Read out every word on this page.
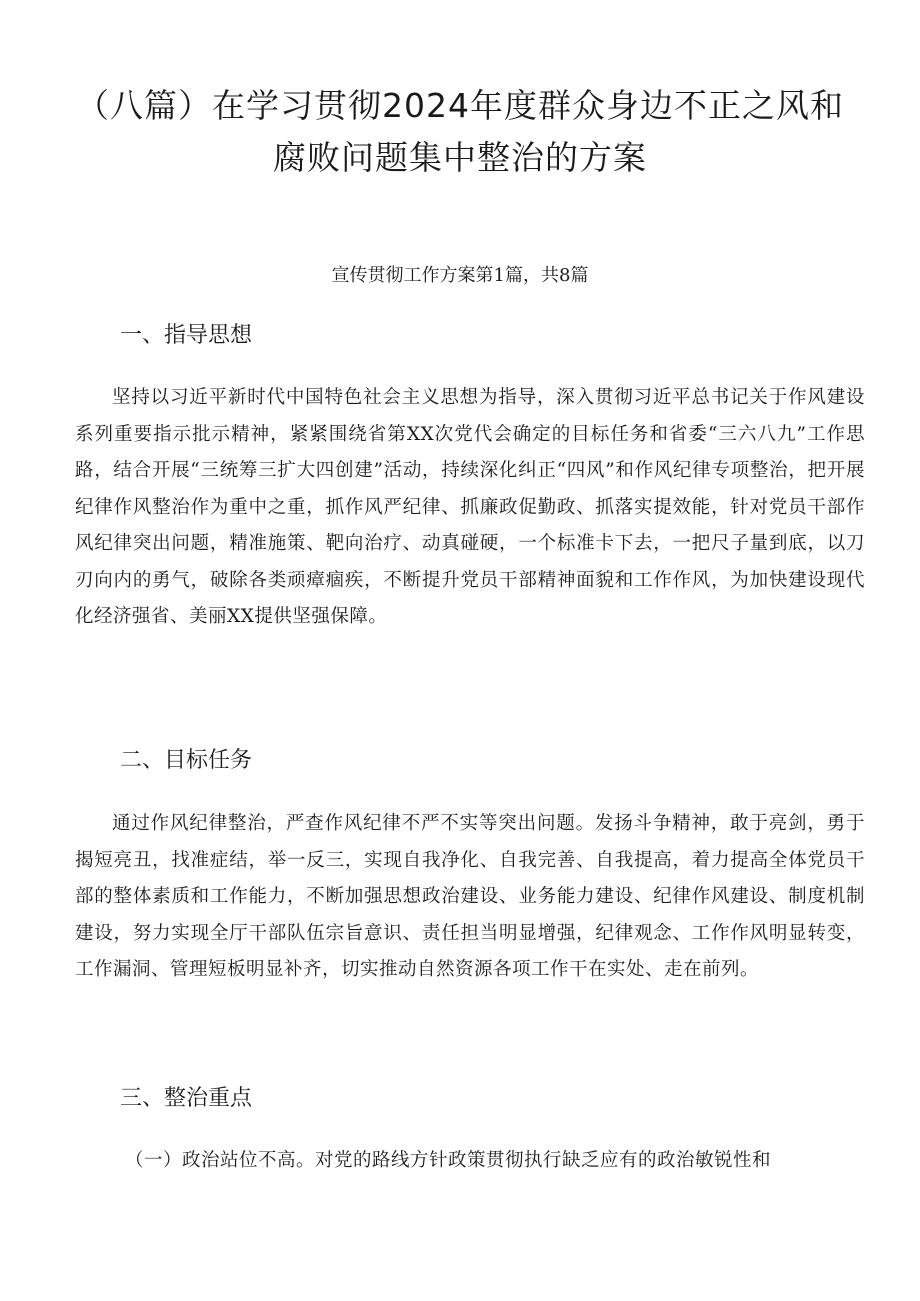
（八篇）在学习贯彻2024年度群众身边不正之风和
腐败问题集中整治的方案

宣传贯彻工作方案第1篇，共8篇

一、指导思想

坚持以习近平新时代中国特色社会主义思想为指导，深入贯彻习近平总书记关于作风建设系列重要指示批示精神，紧紧围绕省第XX次党代会确定的目标任务和省委“三六八九”工作思路，结合开展“三统筹三扩大四创建”活动，持续深化纠正“四风”和作风纪律专项整治，把开展纪律作风整治作为重中之重，抓作风严纪律、抓廉政促勤政、抓落实提效能，针对党员干部作风纪律突出问题，精准施策、靶向治疗、动真碰硬，一个标准卡下去，一把尺子量到底，以刀刃向内的勇气，破除各类顽瘴痼疾，不断提升党员干部精神面貌和工作作风，为加快建设现代化经济强省、美丽XX提供坚强保障。

二、目标任务

通过作风纪律整治，严查作风纪律不严不实等突出问题。发扬斗争精神，敢于亮剑，勇于揭短亮丑，找准症结，举一反三，实现自我净化、自我完善、自我提高，着力提高全体党员干部的整体素质和工作能力，不断加强思想政治建设、业务能力建设、纪律作风建设、制度机制建设，努力实现全厅干部队伍宗旨意识、责任担当明显增强，纪律观念、工作作风明显转变，工作漏洞、管理短板明显补齐，切实推动自然资源各项工作干在实处、走在前列。

三、整治重点

（一）政治站位不高。对党的路线方针政策贯彻执行缺乏应有的政治敏锐性和
